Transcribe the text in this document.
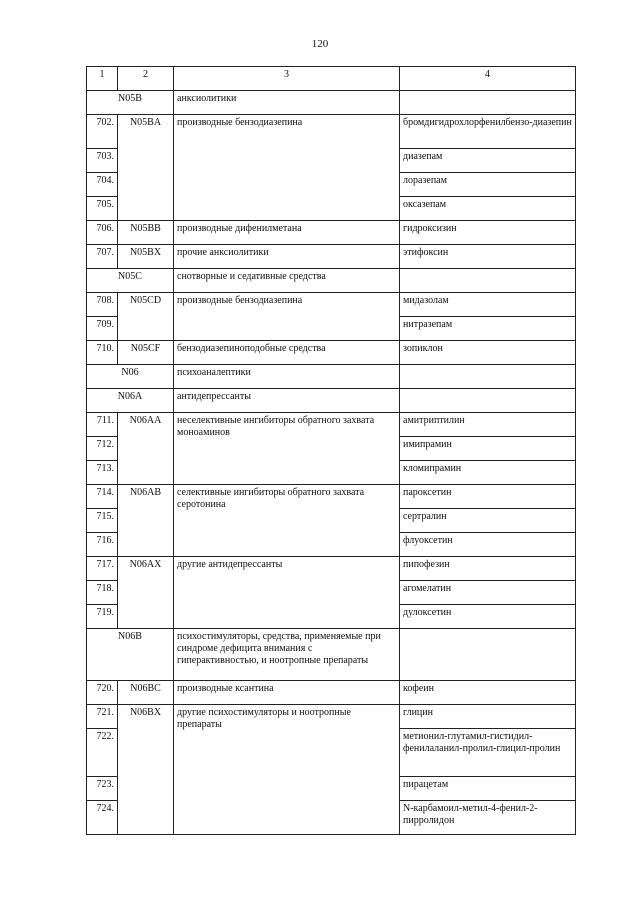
120
1	2	3	4
N05B		анксиолитики	
702.	N05BA	производные бензодиазепина	бромдигидрохлорфенилбензо-диазепин
703.			диазепам
704.			лоразепам
705.			оксазепам
706.	N05BB	производные дифенилметана	гидроксизин
707.	N05BX	прочие анксиолитики	этифоксин
N05C		снотворные и седативные средства	
708.	N05CD	производные бензодиазепина	мидазолам
709.			нитразепам
710.	N05CF	бензодиазепиноподобные средства	зопиклон
N06		психоаналептики	
N06A		антидепрессанты	
711.	N06AA	неселективные ингибиторы обратного захвата
моноаминов	амитриптилин
712.			имипрамин
713.			кломипрамин
714.	N06AB	селективные ингибиторы обратного захвата
серотонина	пароксетин
715.			сертралин
716.			флуоксетин
717.	N06AX	другие антидепрессанты	пипофезин
718.			агомелатин
719.			дулоксетин
N06B		психостимуляторы, средства, применяемые при
синдроме дефицита внимания с
гиперактивностью, и ноотропные препараты	

720.	N06BC	производные ксантина	кофеин
721.	N06BX	другие психостимуляторы и ноотропные
препараты	глицин
722.			метионил-глутамил-гистидил-фенилаланил-пролил-глицил-пролин
723.			пирацетам
724.			N-карбамоил-метил-4-фенил-2-пирролидон
